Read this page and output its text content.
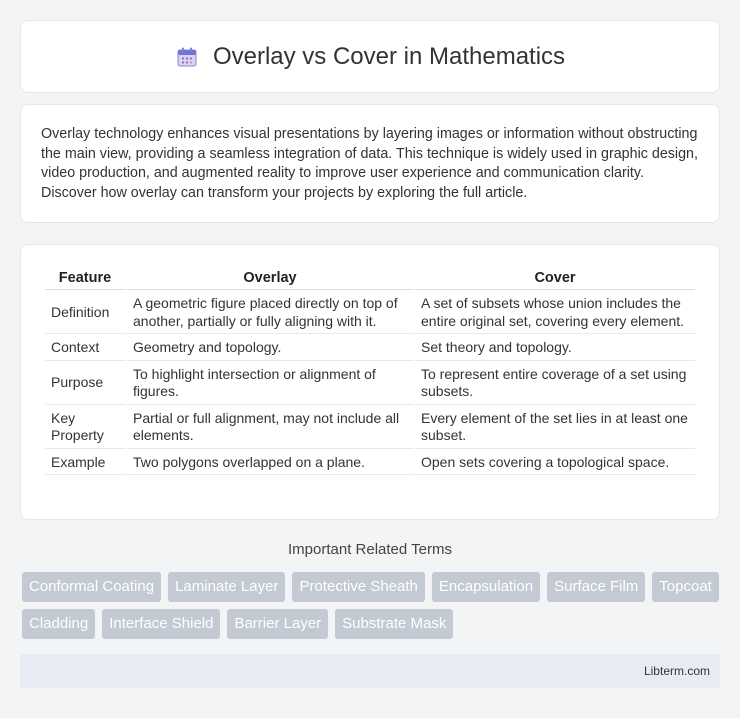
Overlay vs Cover in Mathematics

Overlay technology enhances visual presentations by layering images or information without obstructing the main view, providing a seamless integration of data. This technique is widely used in graphic design, video production, and augmented reality to improve user experience and communication clarity. Discover how overlay can transform your projects by exploring the full article.

Feature	Overlay	Cover
Definition	A geometric figure placed directly on top of another, partially or fully aligning with it.	A set of subsets whose union includes the entire original set, covering every element.
Context	Geometry and topology.	Set theory and topology.
Purpose	To highlight intersection or alignment of figures.	To represent entire coverage of a set using subsets.
Key Property	Partial or full alignment, may not include all elements.	Every element of the set lies in at least one subset.
Example	Two polygons overlapped on a plane.	Open sets covering a topological space.
Important Related Terms
Conformal Coating	Laminate Layer	Protective Sheath	Encapsulation	Surface Film	Topcoat
Cladding	Interface Shield	Barrier Layer	Substrate Mask
Libterm.com
